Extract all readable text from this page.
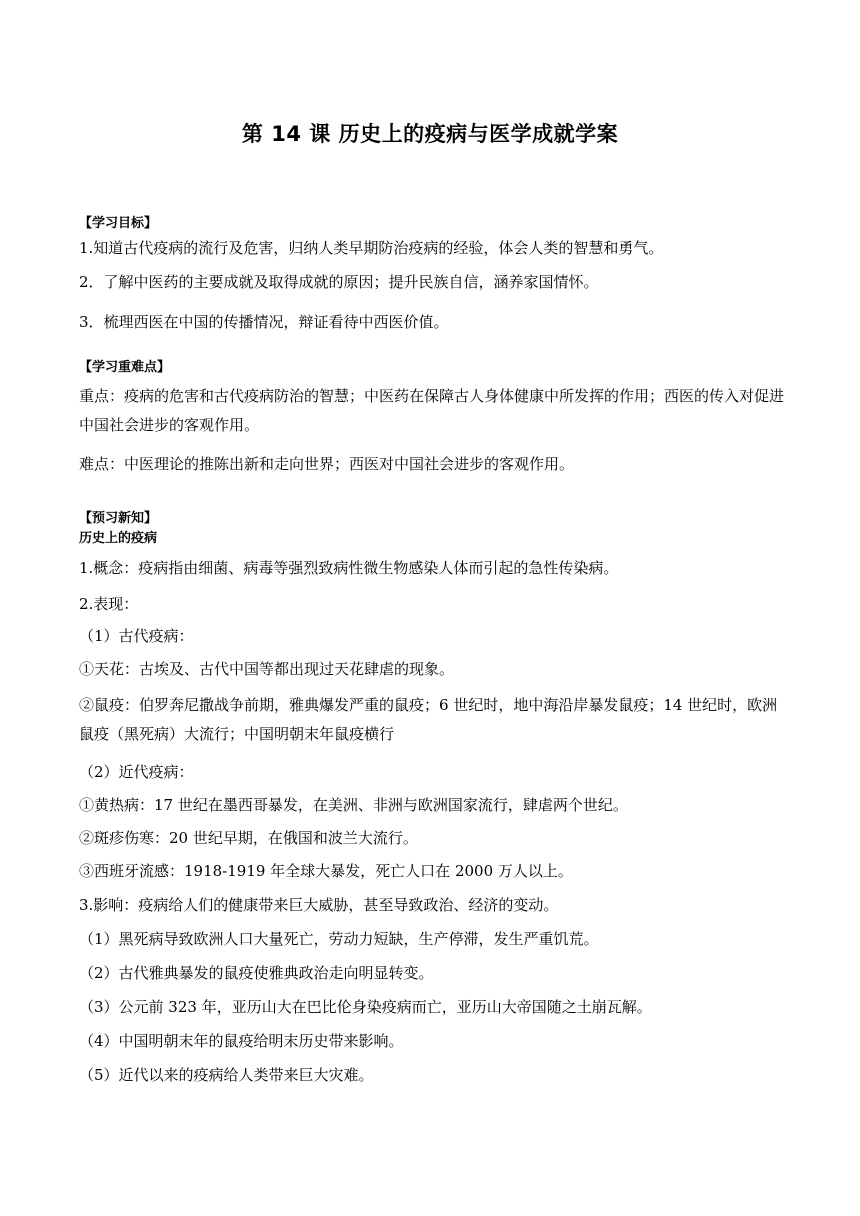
第 14 课 历史上的疫病与医学成就学案

【学习目标】

1.知道古代疫病的流行及危害，归纳人类早期防治疫病的经验，体会人类的智慧和勇气。

2．了解中医药的主要成就及取得成就的原因；提升民族自信，涵养家国情怀。

3．梳理西医在中国的传播情况，辩证看待中西医价值。

【学习重难点】

重点：疫病的危害和古代疫病防治的智慧；中医药在保障古人身体健康中所发挥的作用；西医的传入对促进中国社会进步的客观作用。

难点：中医理论的推陈出新和走向世界；西医对中国社会进步的客观作用。

【预习新知】

历史上的疫病

1.概念：疫病指由细菌、病毒等强烈致病性微生物感染人体而引起的急性传染病。

2.表现：

（1）古代疫病：

①天花：古埃及、古代中国等都出现过天花肆虐的现象。

②鼠疫：伯罗奔尼撒战争前期，雅典爆发严重的鼠疫；6 世纪时，地中海沿岸暴发鼠疫；14 世纪时，欧洲鼠疫（黑死病）大流行；中国明朝末年鼠疫横行

（2）近代疫病：

①黄热病：17 世纪在墨西哥暴发，在美洲、非洲与欧洲国家流行，肆虐两个世纪。

②斑疹伤寒：20 世纪早期，在俄国和波兰大流行。

③西班牙流感：1918-1919 年全球大暴发，死亡人口在 2000 万人以上。

3.影响：疫病给人们的健康带来巨大威胁，甚至导致政治、经济的变动。

（1）黑死病导致欧洲人口大量死亡，劳动力短缺，生产停滞，发生严重饥荒。

（2）古代雅典暴发的鼠疫使雅典政治走向明显转变。

（3）公元前 323 年，亚历山大在巴比伦身染疫病而亡，亚历山大帝国随之土崩瓦解。

（4）中国明朝末年的鼠疫给明末历史带来影响。

（5）近代以来的疫病给人类带来巨大灾难。
